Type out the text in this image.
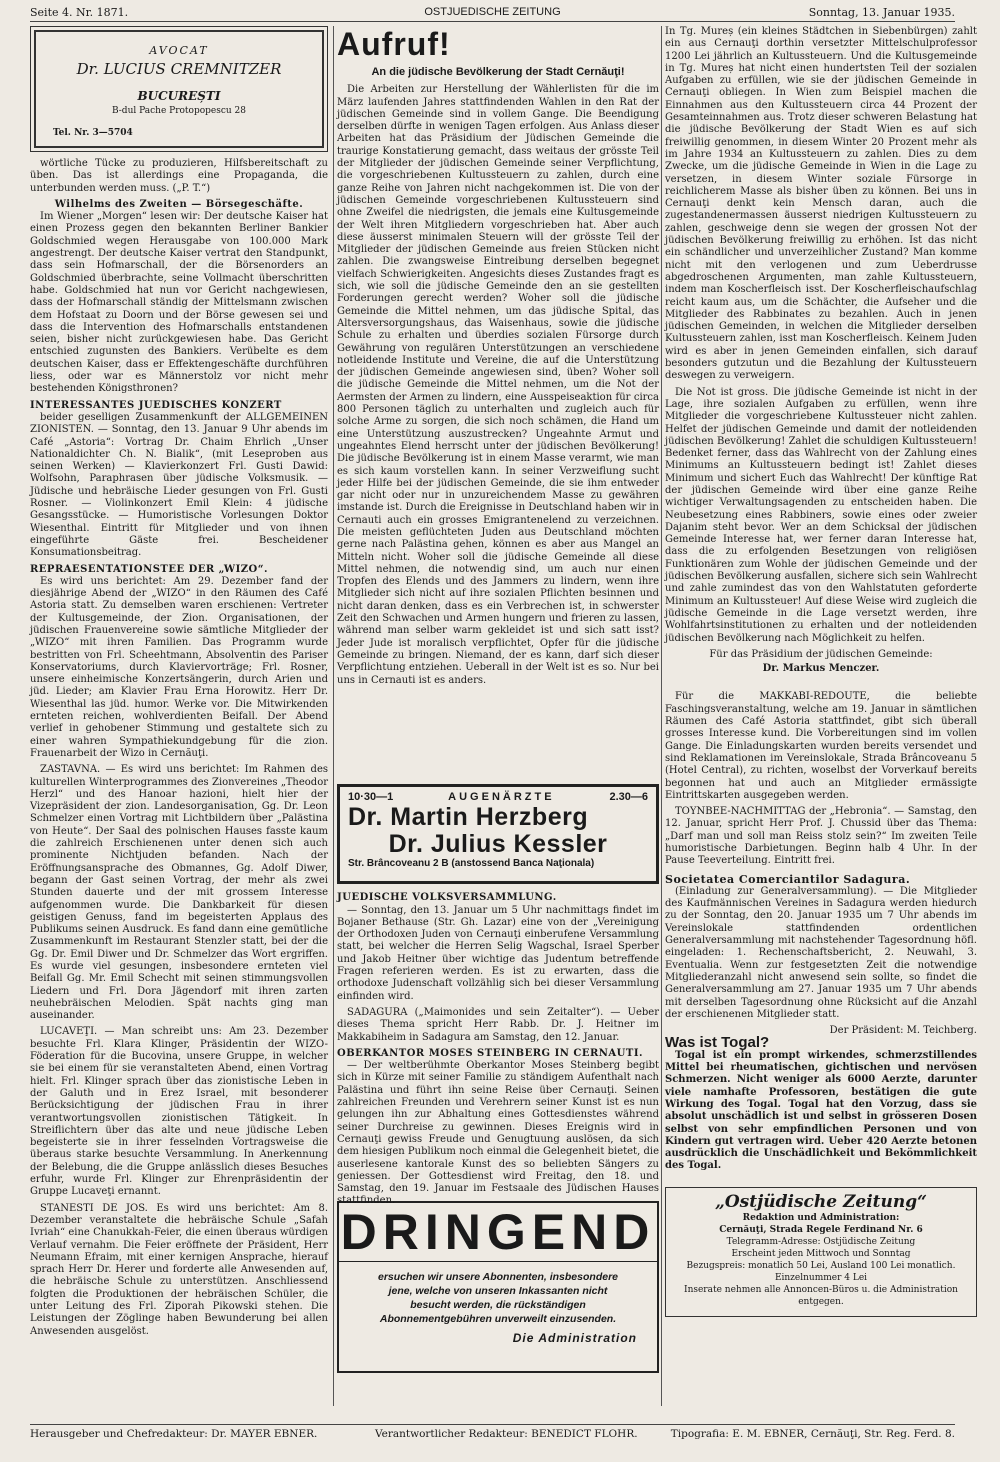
Seite 4. Nr. 1871.	OSTJUEDISCHE ZEITUNG	Sonntag, 13. Januar 1935.
AVOCAT
Dr. LUCIUS CREMNITZER
BUCUREȘTI
B-dul Pache Protopopescu 28
Tel. Nr. 3—5704

wörtliche Tücke zu produzieren, Hilfsbereitschaft zu üben. Das ist allerdings eine Propaganda, die unterbunden werden muss. („P. T.“)

Wilhelms des Zweiten — Börsegeschäfte.

Im Wiener „Morgen“ lesen wir: Der deutsche Kaiser hat einen Prozess gegen den bekannten Berliner Bankier Goldschmied wegen Herausgabe von 100.000 Mark angestrengt. Der deutsche Kaiser vertrat den Standpunkt, dass sein Hofmarschall, der die Börsenorders an Goldschmied überbrachte, seine Vollmacht überschritten habe. Goldschmied hat nun vor Gericht nachgewiesen, dass der Hofmarschall ständig der Mittelsmann zwischen dem Hofstaat zu Doorn und der Börse gewesen sei und dass die Intervention des Hofmarschalls entstandenen seien, bisher nicht zurückgewiesen habe. Das Gericht entschied zugunsten des Bankiers. Verübelte es dem deutschen Kaiser, dass er Effektengeschäfte durchführen liess, oder war es Männerstolz vor nicht mehr bestehenden Königsthronen?

INTERESSANTES JUEDISCHES KONZERT

beider geselligen Zusammenkunft der ALLGEMEINEN ZIONISTEN. — Sonntag, den 13. Januar 9 Uhr abends im Café „Astoria“: Vortrag Dr. Chaim Ehrlich „Unser Nationaldichter Ch. N. Bialik“, (mit Leseproben aus seinen Werken) — Klavierkonzert Frl. Gusti Dawid: Wolfsohn, Paraphrasen über jüdische Volksmusik. — Jüdische und hebräische Lieder gesungen von Frl. Gusti Rosner. — Violinkonzert Emil Klein: 4 jüdische Gesangsstücke. — Humoristische Vorlesungen Doktor Wiesenthal. Eintritt für Mitglieder und von ihnen eingeführte Gäste frei. Bescheidener Konsumationsbeitrag.

REPRAESENTATIONSTEE DER „WIZO“.

Es wird uns berichtet: Am 29. Dezember fand der diesjährige Abend der „WIZO“ in den Räumen des Café Astoria statt. Zu demselben waren erschienen: Vertreter der Kultusgemeinde, der Zion. Organisationen, der jüdischen Frauenvereine sowie sämtliche Mitglieder der „WIZO“ mit ihren Familien. Das Programm wurde bestritten von Frl. Scheehtmann, Absolventin des Pariser Konservatoriums, durch Klaviervorträge; Frl. Rosner, unsere einheimische Konzertsängerin, durch Arien und jüd. Lieder; am Klavier Frau Erna Horowitz. Herr Dr. Wiesenthal las jüd. humor. Werke vor. Die Mitwirkenden ernteten reichen, wohlverdienten Beifall. Der Abend verlief in gehobener Stimmung und gestaltete sich zu einer wahren Sympathiekundgebung für die zion. Frauenarbeit der Wizo in Cernăuţi.

ZASTAVNA. — Es wird uns berichtet: Im Rahmen des kulturellen Winterprogrammes des Zionvereines „Theodor Herzl“ und des Hanoar hazioni, hielt hier der Vizepräsident der zion. Landesorganisation, Gg. Dr. Leon Schmelzer einen Vortrag mit Lichtbildern über „Palästina von Heute“. Der Saal des polnischen Hauses fasste kaum die zahlreich Erschienenen unter denen sich auch prominente Nichtjuden befanden. Nach der Eröffnungsansprache des Obmannes, Gg. Adolf Diwer, begann der Gast seinen Vortrag, der mehr als zwei Stunden dauerte und der mit grossem Interesse aufgenommen wurde. Die Dankbarkeit für diesen geistigen Genuss, fand im begeisterten Applaus des Publikums seinen Ausdruck. Es fand dann eine gemütliche Zusammenkunft im Restaurant Stenzler statt, bei der die Gg. Dr. Emil Diwer und Dr. Schmelzer das Wort ergriffen. Es wurde viel gesungen, insbesondere ernteten viel Beifall Gg. Mr. Emil Schecht mit seinen stimmungsvollen Liedern und Frl. Dora Jägendorf mit ihren zarten neuhebräischen Melodien. Spät nachts ging man auseinander.

LUCAVEŢI. — Man schreibt uns: Am 23. Dezember besuchte Frl. Klara Klinger, Präsidentin der WIZO-Föderation für die Bucovina, unsere Gruppe, in welcher sie bei einem für sie veranstalteten Abend, einen Vortrag hielt. Frl. Klinger sprach über das zionistische Leben in der Galuth und in Erez Israel, mit besonderer Berücksichtigung der jüdischen Frau in ihrer verantwortungsvollen zionistischen Tätigkeit. In Streiflichtern über das alte und neue jüdische Leben begeisterte sie in ihrer fesselnden Vortragsweise die überaus starke besuchte Versammlung. In Anerkennung der Belebung, die die Gruppe anlässlich dieses Besuches erfuhr, wurde Frl. Klinger zur Ehrenpräsidentin der Gruppe Lucaveţi ernannt.

STANESTI DE JOS. Es wird uns berichtet: Am 8. Dezember veranstaltete die hebräische Schule „Safah Ivriah“ eine Chanukkah-Feier, die einen überaus würdigen Verlauf vernahm. Die Feier eröffnete der Präsident, Herr Neumann Efraim, mit einer kernigen Ansprache, hierauf sprach Herr Dr. Herer und forderte alle Anwesenden auf, die hebräische Schule zu unterstützen. Anschliessend folgten die Produktionen der hebräischen Schüler, die unter Leitung des Frl. Ziporah Pikowski stehen. Die Leistungen der Zöglinge haben Bewunderung bei allen Anwesenden ausgelöst.

Aufruf!
An die jüdische Bevölkerung der Stadt Cernăuţi!

Die Arbeiten zur Herstellung der Wählerlisten für die im März laufenden Jahres stattfindenden Wahlen in den Rat der jüdischen Gemeinde sind in vollem Gange. Die Beendigung derselben dürfte in wenigen Tagen erfolgen. Aus Anlass dieser Arbeiten hat das Präsidium der Jüdischen Gemeinde die traurige Konstatierung gemacht, dass weitaus der grösste Teil der Mitglieder der jüdischen Gemeinde seiner Verpflichtung, die vorgeschriebenen Kultussteuern zu zahlen, durch eine ganze Reihe von Jahren nicht nachgekommen ist. Die von der jüdischen Gemeinde vorgeschriebenen Kultussteuern sind ohne Zweifel die niedrigsten, die jemals eine Kultusgemeinde der Welt ihren Mitgliedern vorgeschrieben hat. Aber auch diese äusserst minimalen Steuern will der grösste Teil der Mitglieder der jüdischen Gemeinde aus freien Stücken nicht zahlen. Die zwangsweise Eintreibung derselben begegnet vielfach Schwierigkeiten. Angesichts dieses Zustandes fragt es sich, wie soll die jüdische Gemeinde den an sie gestellten Forderungen gerecht werden? Woher soll die jüdische Gemeinde die Mittel nehmen, um das jüdische Spital, das Altersversorgungshaus, das Waisenhaus, sowie die jüdische Schule zu erhalten und überdies sozialen Fürsorge durch Gewährung von regulären Unterstützungen an verschiedene notleidende Institute und Vereine, die auf die Unterstützung der jüdischen Gemeinde angewiesen sind, üben? Woher soll die jüdische Gemeinde die Mittel nehmen, um die Not der Aermsten der Armen zu lindern, eine Ausspeiseaktion für circa 800 Personen täglich zu unterhalten und zugleich auch für solche Arme zu sorgen, die sich noch schämen, die Hand um eine Unterstützung auszustrecken? Ungeahnte Armut und ungeahntes Elend herrscht unter der jüdischen Bevölkerung! Die jüdische Bevölkerung ist in einem Masse verarmt, wie man es sich kaum vorstellen kann. In seiner Verzweiflung sucht jeder Hilfe bei der jüdischen Gemeinde, die sie ihm entweder gar nicht oder nur in unzureichendem Masse zu gewähren imstande ist. Durch die Ereignisse in Deutschland haben wir in Cernauti auch ein grosses Emigrantenelend zu verzeichnen. Die meisten geflüchteten Juden aus Deutschland möchten gerne nach Palästina gehen, können es aber aus Mangel an Mitteln nicht. Woher soll die jüdische Gemeinde all diese Mittel nehmen, die notwendig sind, um auch nur einen Tropfen des Elends und des Jammers zu lindern, wenn ihre Mitglieder sich nicht auf ihre sozialen Pflichten besinnen und nicht daran denken, dass es ein Verbrechen ist, in schwerster Zeit den Schwachen und Armen hungern und frieren zu lassen, während man selber warm gekleidet ist und sich satt isst? Jeder Jude ist moralisch verpflichtet, Opfer für die jüdische Gemeinde zu bringen. Niemand, der es kann, darf sich dieser Verpflichtung entziehen. Ueberall in der Welt ist es so. Nur bei uns in Cernauti ist es anders.

10·30—1	AUGENÄRZTE	2.30—6
Dr. Martin Herzberg
Dr. Julius Kessler
Str. Brâncoveanu 2 B (anstossend Banca Naţionala)
JUEDISCHE VOLKSVERSAMMLUNG.

— Sonntag, den 13. Januar um 5 Uhr nachmittags findet im Bojaner Bethause (Str. Gh. Lazar) eine von der „Vereinigung der Orthodoxen Juden von Cernauţi einberufene Versammlung statt, bei welcher die Herren Selig Wagschal, Israel Sperber und Jakob Heitner über wichtige das Judentum betreffende Fragen referieren werden. Es ist zu erwarten, dass die orthodoxe Judenschaft vollzählig sich bei dieser Versammlung einfinden wird.

SADAGURA („Maimonides und sein Zeitalter“). — Ueber dieses Thema spricht Herr Rabb. Dr. J. Heitner im Makkabiheim in Sadagura am Samstag, den 12. Januar.

OBERKANTOR MOSES STEINBERG IN CERNAUTI.

— Der weltberühmte Oberkantor Moses Steinberg begibt sich in Kürze mit seiner Familie zu ständigem Aufenthalt nach Palästina und führt ihn seine Reise über Cernauţi. Seinen zahlreichen Freunden und Verehrern seiner Kunst ist es nun gelungen ihn zur Abhaltung eines Gottesdienstes während seiner Durchreise zu gewinnen. Dieses Ereignis wird in Cernauţi gewiss Freude und Genugtuung auslösen, da sich dem hiesigen Publikum noch einmal die Gelegenheit bietet, die auserlesene kantorale Kunst des so beliebten Sängers zu geniessen. Der Gottesdienst wird Freitag, den 18. und Samstag, den 19. Januar im Festsaale des Jüdischen Hauses stattfinden.

DRINGEND
ersuchen wir unsere Abonnenten, insbesondere jene, welche von unseren Inkassanten nicht besucht werden, die rückständigen Abonnementgebühren unverweilt einzusenden.
Die Administration

In Tg. Mureș (ein kleines Städtchen in Siebenbürgen) zahlt ein aus Cernauţi dorthin versetzter Mittelschulprofessor 1200 Lei jährlich an Kultussteuern. Und die Kultusgemeinde in Tg. Mureș hat nicht einen hundertsten Teil der sozialen Aufgaben zu erfüllen, wie sie der jüdischen Gemeinde in Cernauţi obliegen. In Wien zum Beispiel machen die Einnahmen aus den Kultussteuern circa 44 Prozent der Gesamteinnahmen aus. Trotz dieser schweren Belastung hat die jüdische Bevölkerung der Stadt Wien es auf sich freiwillig genommen, in diesem Winter 20 Prozent mehr als im Jahre 1934 an Kultussteuern zu zahlen. Dies zu dem Zwecke, um die jüdische Gemeinde in Wien in die Lage zu versetzen, in diesem Winter soziale Fürsorge in reichlicherem Masse als bisher üben zu können. Bei uns in Cernauţi denkt kein Mensch daran, auch die zugestandenermassen äusserst niedrigen Kultussteuern zu zahlen, geschweige denn sie wegen der grossen Not der jüdischen Bevölkerung freiwillig zu erhöhen. Ist das nicht ein schändlicher und unverzeihlicher Zustand? Man komme nicht mit den verlogenen und zum Ueberdrusse abgedroschenen Argumenten, man zahle Kultussteuern, indem man Koscherfleisch isst. Der Koscherfleischaufschlag reicht kaum aus, um die Schächter, die Aufseher und die Mitglieder des Rabbinates zu bezahlen. Auch in jenen jüdischen Gemeinden, in welchen die Mitglieder derselben Kultussteuern zahlen, isst man Koscherfleisch. Keinem Juden wird es aber in jenen Gemeinden einfallen, sich darauf besonders gutzutun und die Bezahlung der Kultussteuern deswegen zu verweigern.

Die Not ist gross. Die jüdische Gemeinde ist nicht in der Lage, ihre sozialen Aufgaben zu erfüllen, wenn ihre Mitglieder die vorgeschriebene Kultussteuer nicht zahlen. Helfet der jüdischen Gemeinde und damit der notleidenden jüdischen Bevölkerung! Zahlet die schuldigen Kultussteuern! Bedenket ferner, dass das Wahlrecht von der Zahlung eines Minimums an Kultussteuern bedingt ist! Zahlet dieses Minimum und sichert Euch das Wahlrecht! Der künftige Rat der jüdischen Gemeinde wird über eine ganze Reihe wichtiger Verwaltungsagenden zu entscheiden haben. Die Neubesetzung eines Rabbiners, sowie eines oder zweier Dajanim steht bevor. Wer an dem Schicksal der jüdischen Gemeinde Interesse hat, wer ferner daran Interesse hat, dass die zu erfolgenden Besetzungen von religiösen Funktionären zum Wohle der jüdischen Gemeinde und der jüdischen Bevölkerung ausfallen, sichere sich sein Wahlrecht und zahle zumindest das von den Wahlstatuten geforderte Minimum an Kultussteuer! Auf diese Weise wird zugleich die jüdische Gemeinde in die Lage versetzt werden, ihre Wohlfahrtsinstitutionen zu erhalten und der notleidenden jüdischen Bevölkerung nach Möglichkeit zu helfen.

Für das Präsidium der jüdischen Gemeinde:
Dr. Markus Menczer.

Für die MAKKABI-REDOUTE, die beliebte Faschingsveranstaltung, welche am 19. Januar in sämtlichen Räumen des Café Astoria stattfindet, gibt sich überall grosses Interesse kund. Die Vorbereitungen sind im vollen Gange. Die Einladungskarten wurden bereits versendet und sind Reklamationen im Vereinslokale, Strada Brâncoveanu 5 (Hotel Central), zu richten, woselbst der Vorverkauf bereits begonnen hat und auch an Mitglieder ermässigte Eintrittskarten ausgegeben werden.

TOYNBEE-NACHMITTAG der „Hebronia“. — Samstag, den 12. Januar, spricht Herr Prof. J. Chussid über das Thema: „Darf man und soll man Reiss stolz sein?“ Im zweiten Teile humoristische Darbietungen. Beginn halb 4 Uhr. In der Pause Teeverteilung. Eintritt frei.

Societatea Comerciantilor Sadagura.

(Einladung zur Generalversammlung). — Die Mitglieder des Kaufmännischen Vereines in Sadagura werden hiedurch zu der Sonntag, den 20. Januar 1935 um 7 Uhr abends im Vereinslokale stattfindenden ordentlichen Generalversammlung mit nachstehender Tagesordnung höfl. eingeladen: 1. Rechenschaftsbericht, 2. Neuwahl, 3. Eventualia. Wenn zur festgesetzten Zeit die notwendige Mitgliederanzahl nicht anwesend sein sollte, so findet die Generalversammlung am 27. Januar 1935 um 7 Uhr abends mit derselben Tagesordnung ohne Rücksicht auf die Anzahl der erschienenen Mitglieder statt.

Der Präsident: M. Teichberg.
Was ist Togal?

Togal ist ein prompt wirkendes, schmerzstillendes Mittel bei rheumatischen, gichtischen und nervösen Schmerzen. Nicht weniger als 6000 Aerzte, darunter viele namhafte Professoren, bestätigen die gute Wirkung des Togal. Togal hat den Vorzug, dass sie absolut unschädlich ist und selbst in grösseren Dosen selbst von sehr empfindlichen Personen und von Kindern gut vertragen wird. Ueber 420 Aerzte betonen ausdrücklich die Unschädlichkeit und Bekömmlichkeit des Togal.

„Ostjüdische Zeitung“
Redaktion und Administration:
Cernăuţi, Strada Regele Ferdinand Nr. 6
Telegramm-Adresse: Ostjüdische Zeitung
Erscheint jeden Mittwoch und Sonntag
Bezugspreis: monatlich 50 Lei, Ausland 100 Lei monatlich. Einzelnummer 4 Lei
Inserate nehmen alle Annoncen-Büros u. die Administration entgegen.
Herausgeber und Chefredakteur: Dr. MAYER EBNER.	Verantwortlicher Redakteur: BENEDICT FLOHR.	Tipografia: E. M. EBNER, Cernăuţi, Str. Reg. Ferd. 8.
